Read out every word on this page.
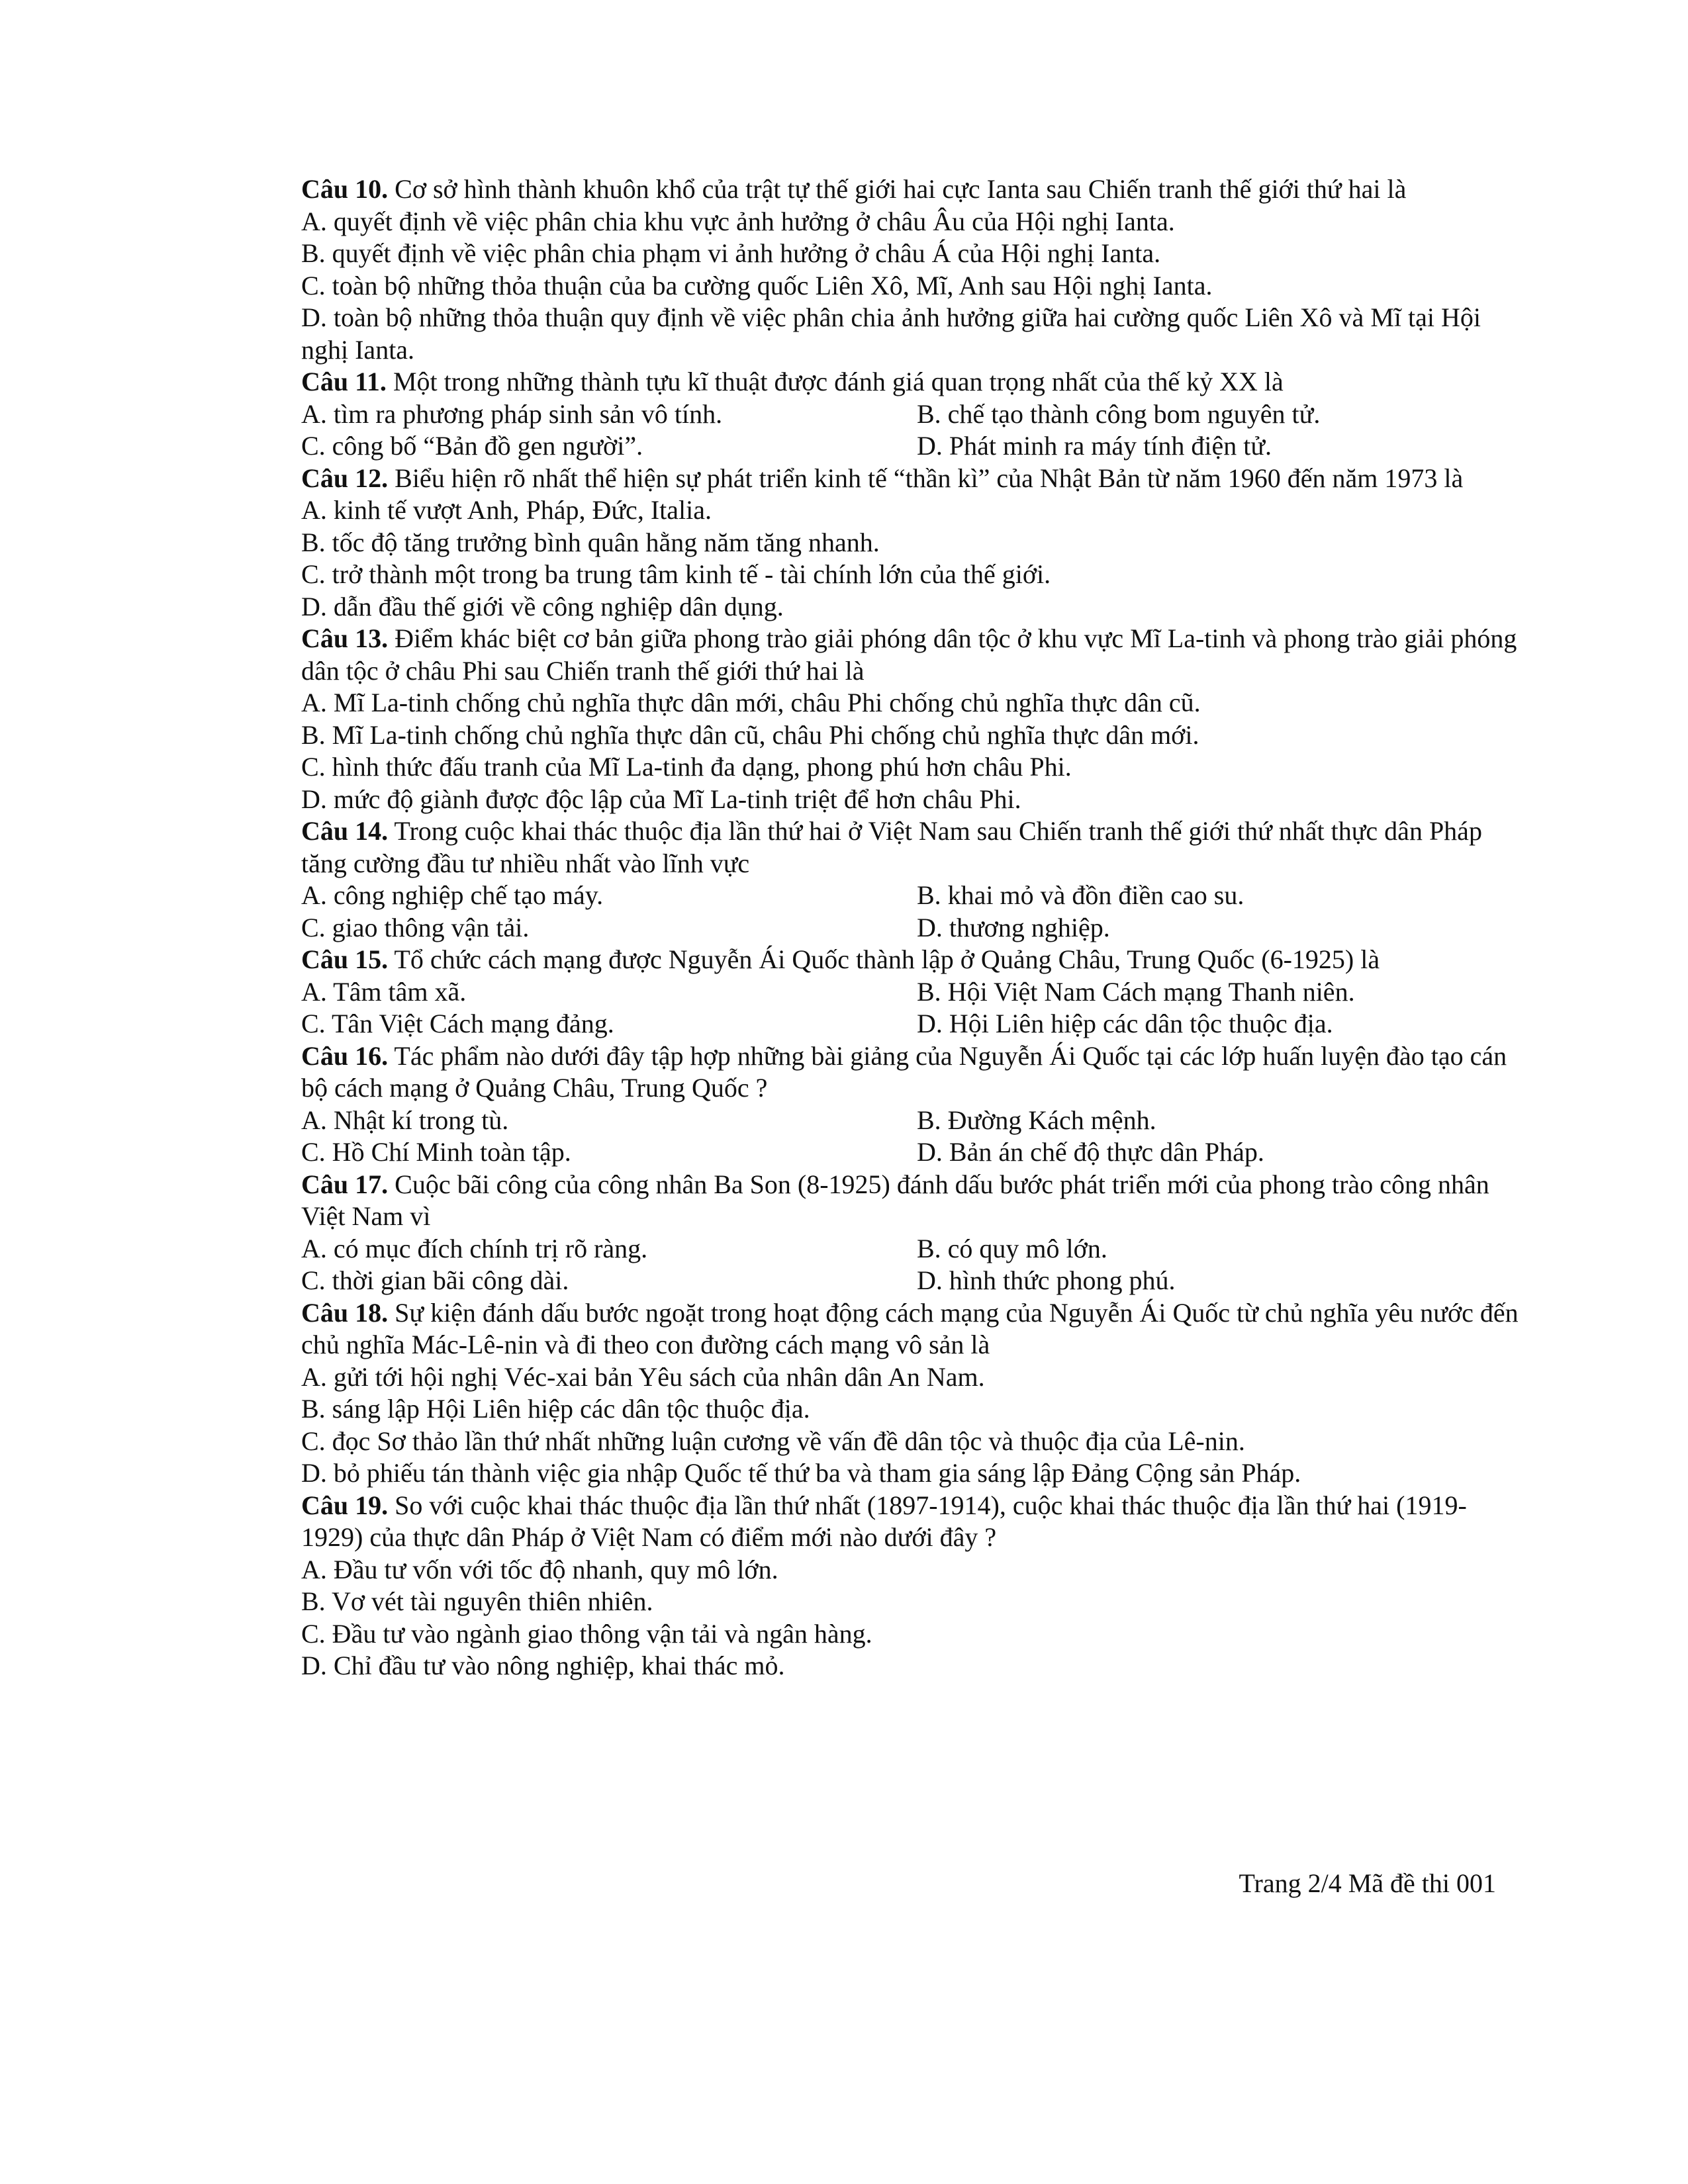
Câu 10. Cơ sở hình thành khuôn khổ của trật tự thế giới hai cực Ianta sau Chiến tranh thế giới thứ hai là

A. quyết định về việc phân chia khu vực ảnh hưởng ở châu Âu của Hội nghị Ianta.
B. quyết định về việc phân chia phạm vi ảnh hưởng ở châu Á của Hội nghị Ianta.
C. toàn bộ những thỏa thuận của ba cường quốc Liên Xô, Mĩ, Anh sau Hội nghị Ianta.
D. toàn bộ những thỏa thuận quy định về việc phân chia ảnh hưởng giữa hai cường quốc Liên Xô và Mĩ tại Hội nghị Ianta.

Câu 11. Một trong những thành tựu kĩ thuật được đánh giá quan trọng nhất của thế kỷ XX là

A. tìm ra phương pháp sinh sản vô tính.	B. chế tạo thành công bom nguyên tử.
C. công bố “Bản đồ gen người”.	D. Phát minh ra máy tính điện tử.

Câu 12. Biểu hiện rõ nhất thể hiện sự phát triển kinh tế “thần kì” của Nhật Bản từ năm 1960 đến năm 1973 là

A. kinh tế vượt Anh, Pháp, Đức, Italia.
B. tốc độ tăng trưởng bình quân hằng năm tăng nhanh.
C. trở thành một trong ba trung tâm kinh tế - tài chính lớn của thế giới.
D. dẫn đầu thế giới về công nghiệp dân dụng.

Câu 13. Điểm khác biệt cơ bản giữa phong trào giải phóng dân tộc ở khu vực Mĩ La-tinh và phong trào giải phóng dân tộc ở châu Phi sau Chiến tranh thế giới thứ hai là

A. Mĩ La-tinh chống chủ nghĩa thực dân mới, châu Phi chống chủ nghĩa thực dân cũ.
B. Mĩ La-tinh chống chủ nghĩa thực dân cũ, châu Phi chống chủ nghĩa thực dân mới.
C. hình thức đấu tranh của Mĩ La-tinh đa dạng, phong phú hơn châu Phi.
D. mức độ giành được độc lập của Mĩ La-tinh triệt để hơn châu Phi.

Câu 14. Trong cuộc khai thác thuộc địa lần thứ hai ở Việt Nam sau Chiến tranh thế giới thứ nhất thực dân Pháp tăng cường đầu tư nhiều nhất vào lĩnh vực

A. công nghiệp chế tạo máy.	B. khai mỏ và đồn điền cao su.
C. giao thông vận tải.	D. thương nghiệp.

Câu 15. Tổ chức cách mạng được Nguyễn Ái Quốc thành lập ở Quảng Châu, Trung Quốc (6-1925) là

A. Tâm tâm xã.	B. Hội Việt Nam Cách mạng Thanh niên.
C. Tân Việt Cách mạng đảng.	D. Hội Liên hiệp các dân tộc thuộc địa.

Câu 16. Tác phẩm nào dưới đây tập hợp những bài giảng của Nguyễn Ái Quốc tại các lớp huấn luyện đào tạo cán bộ cách mạng ở Quảng Châu, Trung Quốc ?

A. Nhật kí trong tù.	B. Đường Kách mệnh.
C. Hồ Chí Minh toàn tập.	D. Bản án chế độ thực dân Pháp.

Câu 17. Cuộc bãi công của công nhân Ba Son (8-1925) đánh dấu bước phát triển mới của phong trào công nhân Việt Nam vì

A. có mục đích chính trị rõ ràng.	B. có quy mô lớn.
C. thời gian bãi công dài.	D. hình thức phong phú.

Câu 18. Sự kiện đánh dấu bước ngoặt trong hoạt động cách mạng của Nguyễn Ái Quốc từ chủ nghĩa yêu nước đến chủ nghĩa Mác-Lê-nin và đi theo con đường cách mạng vô sản là

A. gửi tới hội nghị Véc-xai bản Yêu sách của nhân dân An Nam.
B. sáng lập Hội Liên hiệp các dân tộc thuộc địa.
C. đọc Sơ thảo lần thứ nhất những luận cương về vấn đề dân tộc và thuộc địa của Lê-nin.
D. bỏ phiếu tán thành việc gia nhập Quốc tế thứ ba và tham gia sáng lập Đảng Cộng sản Pháp.

Câu 19. So với cuộc khai thác thuộc địa lần thứ nhất (1897-1914), cuộc khai thác thuộc địa lần thứ hai (1919-1929) của thực dân Pháp ở Việt Nam có điểm mới nào dưới đây ?

A. Đầu tư vốn với tốc độ nhanh, quy mô lớn.
B. Vơ vét tài nguyên thiên nhiên.
C. Đầu tư vào ngành giao thông vận tải và ngân hàng.
D. Chỉ đầu tư vào nông nghiệp, khai thác mỏ.
Trang 2/4 Mã đề thi 001
